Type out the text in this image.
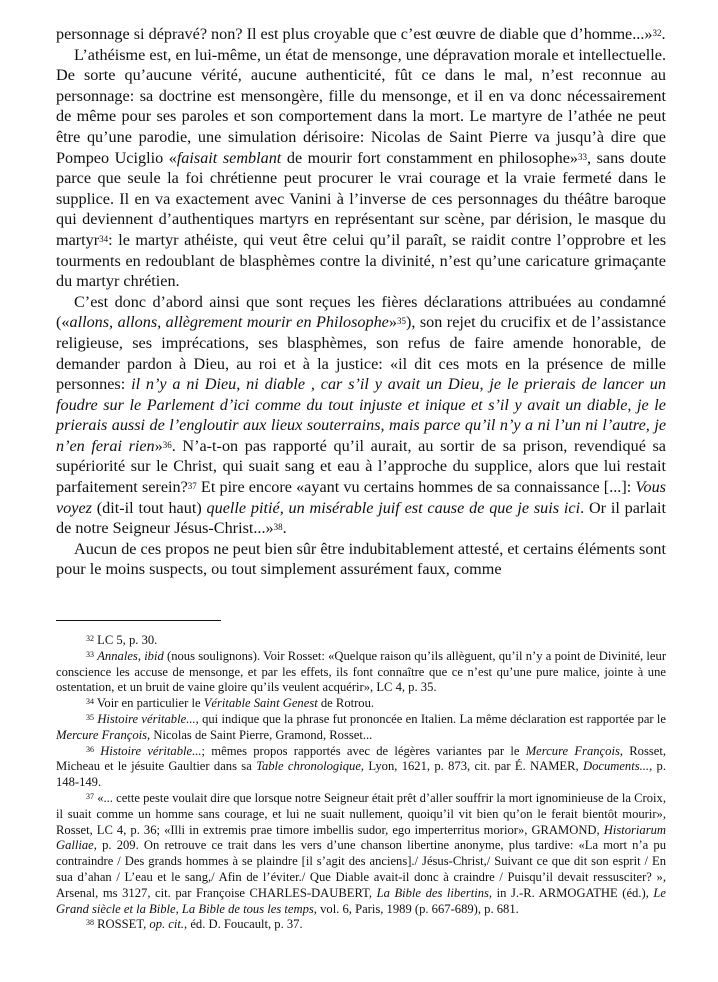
personnage si dépravé? non? Il est plus croyable que c’est œuvre de diable que d’homme...»$^{32}$.

L’athéisme est, en lui-même, un état de mensonge, une dépravation morale et intellectuelle. De sorte qu’aucune vérité, aucune authenticité, fût ce dans le mal, n’est reconnue au personnage: sa doctrine est mensongère, fille du mensonge, et il en va donc nécessairement de même pour ses paroles et son comportement dans la mort. Le martyre de l’athée ne peut être qu’une parodie, une simulation dérisoire: Nicolas de Saint Pierre va jusqu’à dire que Pompeo Uciglio «faisait semblant de mourir fort constamment en philosophe»$^{33}$, sans doute parce que seule la foi chrétienne peut procurer le vrai courage et la vraie fermeté dans le supplice. Il en va exactement avec Vanini à l’inverse de ces personnages du théâtre baroque qui deviennent d’authentiques martyrs en représentant sur scène, par dérision, le masque du martyr$^{34}$: le martyr athéiste, qui veut être celui qu’il paraît, se raidit contre l’opprobre et les tourments en redoublant de blasphèmes contre la divinité, n’est qu’une caricature grimaçante du martyr chrétien.

C’est donc d’abord ainsi que sont reçues les fières déclarations attribuées au condamné («allons, allons, allègrement mourir en Philosophe»$^{35}$), son rejet du crucifix et de l’assistance religieuse, ses imprécations, ses blasphèmes, son refus de faire amende honorable, de demander pardon à Dieu, au roi et à la justice: «il dit ces mots en la présence de mille personnes: il n’y a ni Dieu, ni diable , car s’il y avait un Dieu, je le prierais de lancer un foudre sur le Parlement d’ici comme du tout injuste et inique et s’il y avait un diable, je le prierais aussi de l’engloutir aux lieux souterrains, mais parce qu’il n’y a ni l’un ni l’autre, je n’en ferai rien»$^{36}$. N’a-t-on pas rapporté qu’il aurait, au sortir de sa prison, revendiqué sa supériorité sur le Christ, qui suait sang et eau à l’approche du supplice, alors que lui restait parfaitement serein?$^{37}$ Et pire encore «ayant vu certains hommes de sa connaissance [...]: Vous voyez (dit-il tout haut) quelle pitié, un misérable juif est cause de que je suis ici. Or il parlait de notre Seigneur Jésus-Christ...»$^{38}$.

Aucun de ces propos ne peut bien sûr être indubitablement attesté, et certains éléments sont pour le moins suspects, ou tout simplement assurément faux, comme

$^{32}$ LC 5, p. 30.

$^{33}$ Annales, ibid (nous soulignons). Voir Rosset: «Quelque raison qu’ils allèguent, qu’il n’y a point de Divinité, leur conscience les accuse de mensonge, et par les effets, ils font connaître que ce n’est qu’une pure malice, jointe à une ostentation, et un bruit de vaine gloire qu’ils veulent acquérir», LC 4, p. 35.

$^{34}$ Voir en particulier le Véritable Saint Genest de Rotrou.

$^{35}$ Histoire véritable..., qui indique que la phrase fut prononcée en Italien. La même déclaration est rapportée par le Mercure François, Nicolas de Saint Pierre, Gramond, Rosset...

$^{36}$ Histoire véritable...; mêmes propos rapportés avec de légères variantes par le Mercure François, Rosset, Micheau et le jésuite Gaultier dans sa Table chronologique, Lyon, 1621, p. 873, cit. par É. NAMER, Documents..., p. 148-149.

$^{37}$ «... cette peste voulait dire que lorsque notre Seigneur était prêt d’aller souffrir la mort ignominieuse de la Croix, il suait comme un homme sans courage, et lui ne suait nullement, quoiqu’il vit bien qu’on le ferait bientôt mourir», Rosset, LC 4, p. 36; «Illi in extremis prae timore imbellis sudor, ego imperterritus morior», GRAMOND, Historiarum Galliae, p. 209. On retrouve ce trait dans les vers d’une chanson libertine anonyme, plus tardive: «La mort n’a pu contraindre / Des grands hommes à se plaindre [il s’agit des anciens]./ Jésus-Christ,/ Suivant ce que dit son esprit / En sua d’ahan / L’eau et le sang,/ Afin de l’éviter./ Que Diable avait-il donc à craindre / Puisqu’il devait ressusciter? », Arsenal, ms 3127, cit. par Françoise CHARLES-DAUBERT, La Bible des libertins, in J.-R. ARMOGATHE (éd.), Le Grand siècle et la Bible, La Bible de tous les temps, vol. 6, Paris, 1989 (p. 667-689), p. 681.

$^{38}$ ROSSET, op. cit., éd. D. Foucault, p. 37.
